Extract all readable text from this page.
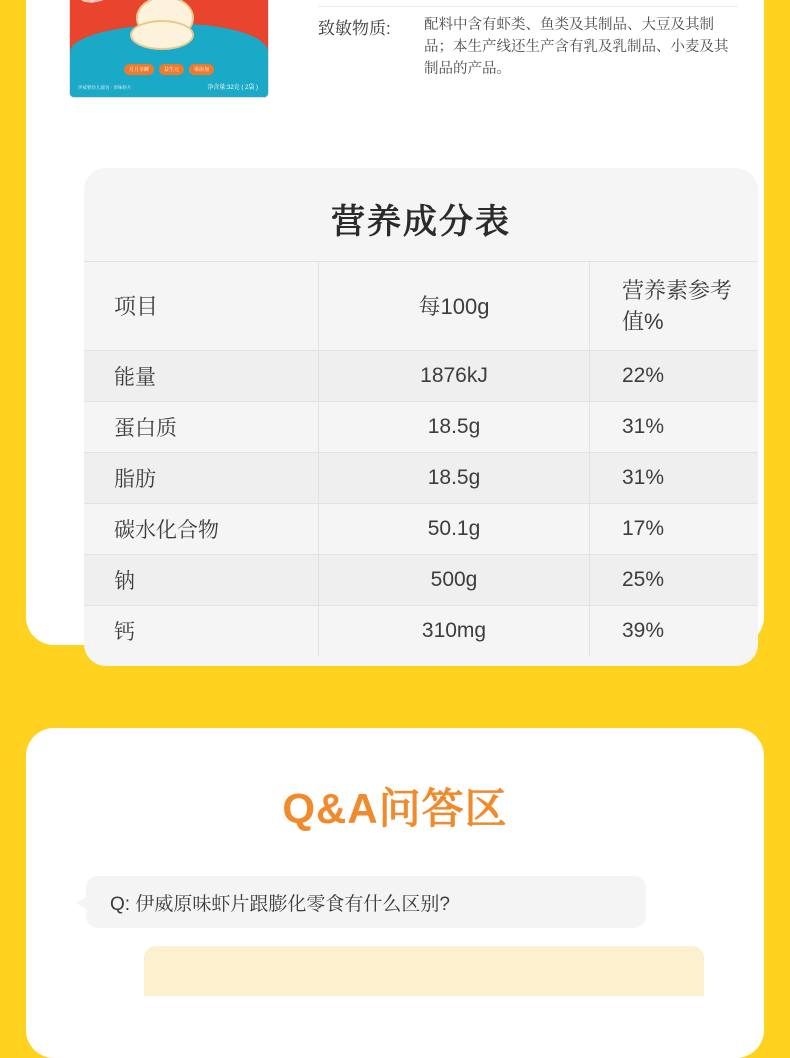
月月享鲜	益生元	零添加
伊威婴幼儿辅食 · 原味虾片	净含量:32克 ( 2袋 )
致敏物质: 配料中含有虾类、鱼类及其制品、大豆及其制品；本生产线还生产含有乳及乳制品、小麦及其制品的产品。
营养成分表
项目	每100g	营养素参考值%
能量	1876kJ	22%
蛋白质	18.5g	31%
脂肪	18.5g	31%
碳水化合物	50.1g	17%
钠	500g	25%
钙	310mg	39%
Q&A问答区
Q: 伊威原味虾片跟膨化零食有什么区别?
